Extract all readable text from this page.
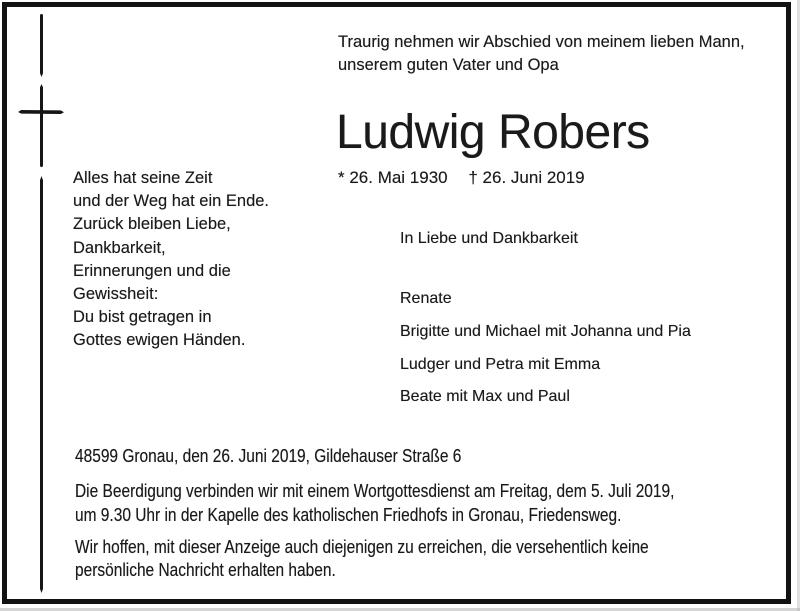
Traurig nehmen wir Abschied von meinem lieben Mann,
unserem guten Vater und Opa
Ludwig Robers
* 26. Mai 1930 † 26. Juni 2019
Alles hat seine Zeit
und der Weg hat ein Ende.
Zurück bleiben Liebe,
Dankbarkeit,
Erinnerungen und die
Gewissheit:
Du bist getragen in
Gottes ewigen Händen.
In Liebe und Dankbarkeit
Renate
Brigitte und Michael mit Johanna und Pia
Ludger und Petra mit Emma
Beate mit Max und Paul
48599 Gronau, den 26. Juni 2019, Gildehauser Straße 6
Die Beerdigung verbinden wir mit einem Wortgottesdienst am Freitag, dem 5. Juli 2019,
um 9.30 Uhr in der Kapelle des katholischen Friedhofs in Gronau, Friedensweg.
Wir hoffen, mit dieser Anzeige auch diejenigen zu erreichen, die versehentlich keine
persönliche Nachricht erhalten haben.
